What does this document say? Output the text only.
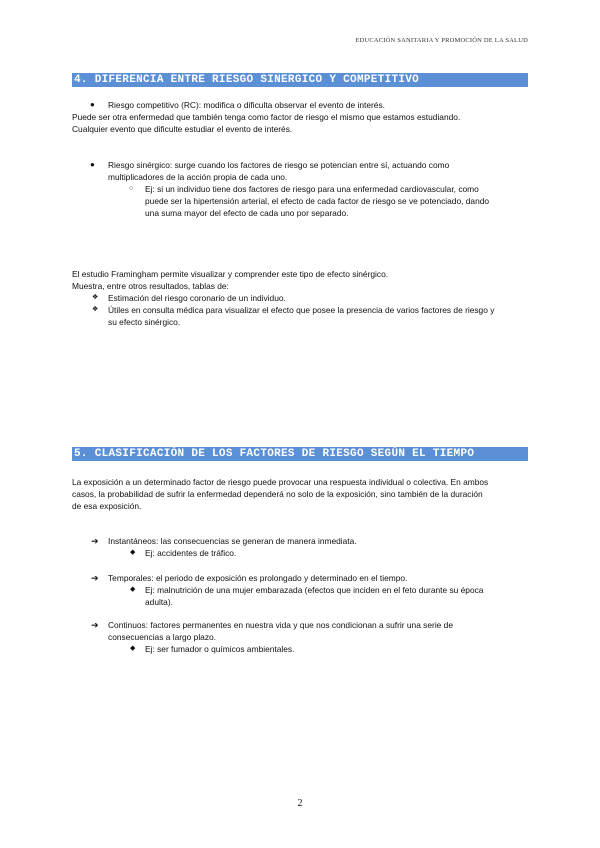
EDUCACIÓN SANITARIA Y PROMOCIÓN DE LA SALUD
4. DIFERENCIA ENTRE RIESGO SINERGICO Y COMPETITIVO
● Riesgo competitivo (RC): modifica o dificulta observar el evento de interés.
Puede ser otra enfermedad que también tenga como factor de riesgo el mismo que estamos estudiando.
Cualquier evento que dificulte estudiar el evento de interés.
● Riesgo sinérgico: surge cuando los factores de riesgo se potencian entre sí, actuando como
multiplicadores de la acción propia de cada uno.
○ Ej: si un individuo tiene dos factores de riesgo para una enfermedad cardiovascular, como
puede ser la hipertensión arterial, el efecto de cada factor de riesgo se ve potenciado, dando
una suma mayor del efecto de cada uno por separado.
El estudio Framingham permite visualizar y comprender este tipo de efecto sinérgico.
Muestra, entre otros resultados, tablas de:
❖ Estimación del riesgo coronario de un individuo.
❖ Útiles en consulta médica para visualizar el efecto que posee la presencia de varios factores de riesgo y
su efecto sinérgico.
5. CLASIFICACIÓN DE LOS FACTORES DE RIESGO SEGÚN EL TIEMPO
La exposición a un determinado factor de riesgo puede provocar una respuesta individual o colectiva. En ambos
casos, la probabilidad de sufrir la enfermedad dependerá no solo de la exposición, sino también de la duración
de esa exposición.
➔ Instantáneos: las consecuencias se generan de manera inmediata.
◆ Ej: accidentes de tráfico.
➔ Temporales: el periodo de exposición es prolongado y determinado en el tiempo.
◆ Ej: malnutrición de una mujer embarazada (efectos que inciden en el feto durante su época
adulta).
➔ Continuos: factores permanentes en nuestra vida y que nos condicionan a sufrir una serie de
consecuencias a largo plazo.
◆ Ej: ser fumador o químicos ambientales.
2
